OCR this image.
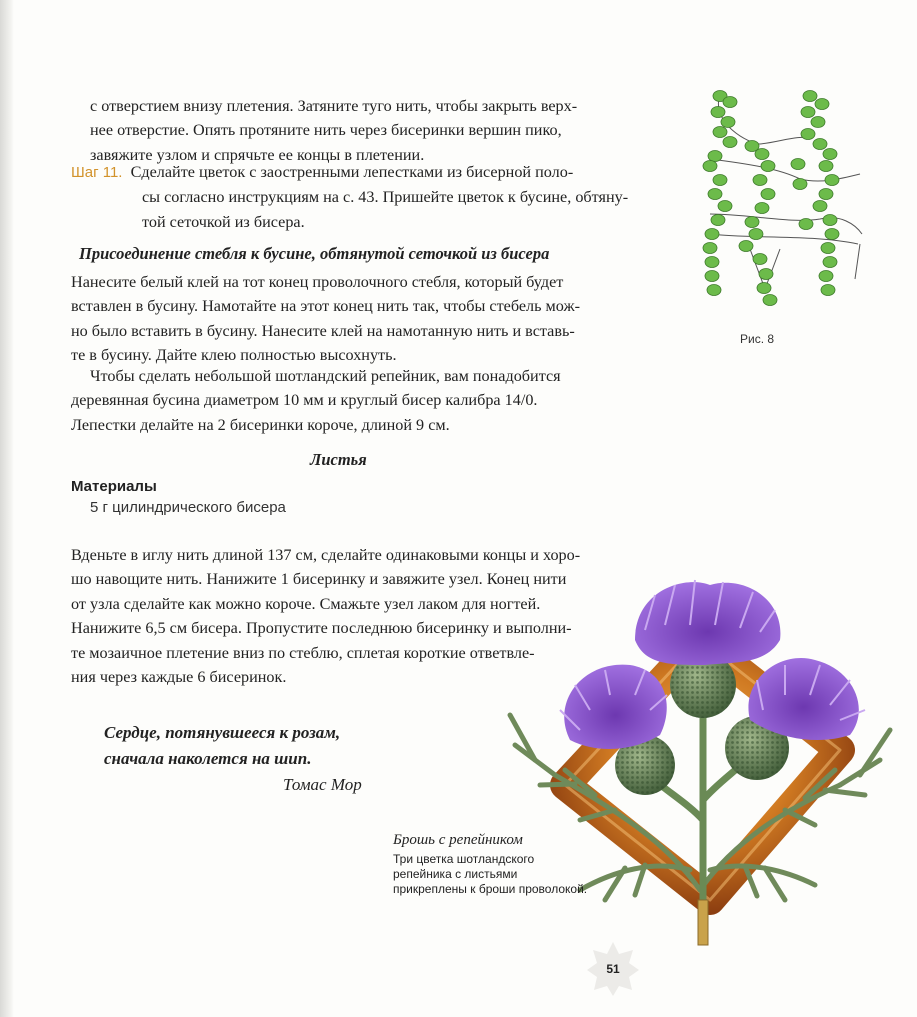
с отверстием внизу плетения. Затяните туго нить, чтобы закрыть верх-
нее отверстие. Опять протяните нить через бисеринки вершин пико,
завяжите узлом и спрячьте ее концы в плетении.
Шаг 11. Сделайте цветок с заостренными лепестками из бисерной поло-
сы согласно инструкциям на с. 43. Пришейте цветок к бусине, обтяну-
той сеточкой из бисера.
Присоединение стебля к бусине, обтянутой сеточкой из бисера
Нанесите белый клей на тот конец проволочного стебля, который будет
вставлен в бусину. Намотайте на этот конец нить так, чтобы стебель мож-
но было вставить в бусину. Нанесите клей на намотанную нить и вставь-
те в бусину. Дайте клею полностью высохнуть.
Чтобы сделать небольшой шотландский репейник, вам понадобится
деревянная бусина диаметром 10 мм и круглый бисер калибра 14/0.
Лепестки делайте на 2 бисеринки короче, длиной 9 см.
Листья
Материалы
5 г цилиндрического бисера
Вденьте в иглу нить длиной 137 см, сделайте одинаковыми концы и хоро-
шо навощите нить. Нанижите 1 бисеринку и завяжите узел. Конец нити
от узла сделайте как можно короче. Смажьте узел лаком для ногтей.
Нанижите 6,5 см бисера. Пропустите последнюю бисеринку и выполни-
те мозаичное плетение вниз по стеблю, сплетая короткие ответвле-
ния через каждые 6 бисеринок.
Сердце, потянувшееся к розам,
сначала наколется на шип.
Томас Мор
Рис. 8
Брошь с репейником
Три цветка шотландского
репейника с листьями
прикреплены к броши проволокой.
51
